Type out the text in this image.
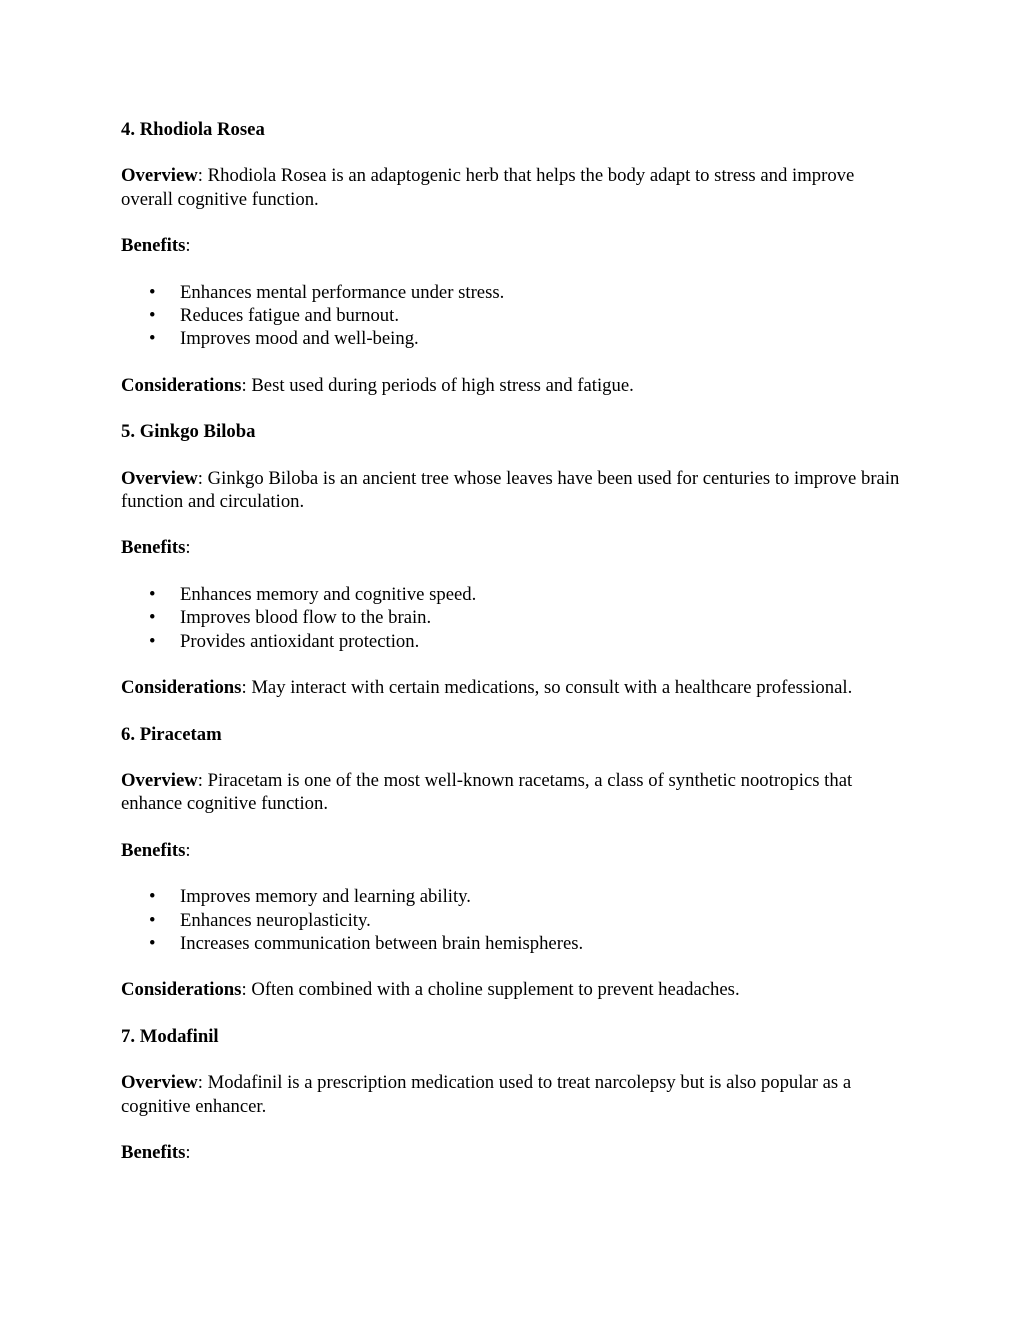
4. Rhodiola Rosea

Overview: Rhodiola Rosea is an adaptogenic herb that helps the body adapt to stress and improve overall cognitive function.

Benefits:

• Enhances mental performance under stress.
• Reduces fatigue and burnout.
• Improves mood and well-being.

Considerations: Best used during periods of high stress and fatigue.

5. Ginkgo Biloba

Overview: Ginkgo Biloba is an ancient tree whose leaves have been used for centuries to improve brain function and circulation.

Benefits:

• Enhances memory and cognitive speed.
• Improves blood flow to the brain.
• Provides antioxidant protection.

Considerations: May interact with certain medications, so consult with a healthcare professional.

6. Piracetam

Overview: Piracetam is one of the most well-known racetams, a class of synthetic nootropics that enhance cognitive function.

Benefits:

• Improves memory and learning ability.
• Enhances neuroplasticity.
• Increases communication between brain hemispheres.

Considerations: Often combined with a choline supplement to prevent headaches.

7. Modafinil

Overview: Modafinil is a prescription medication used to treat narcolepsy but is also popular as a cognitive enhancer.

Benefits:
